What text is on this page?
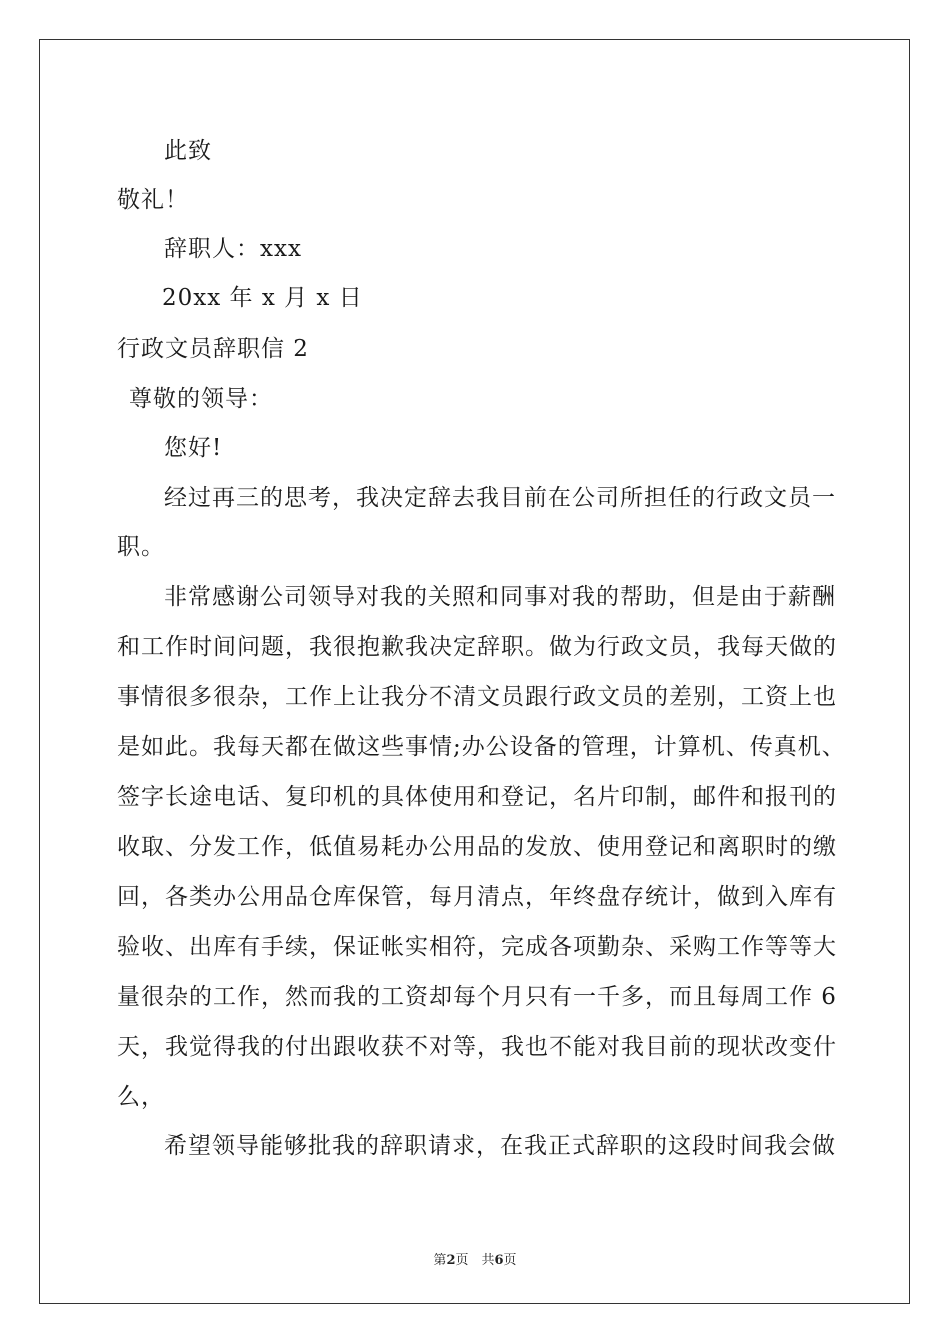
此致
敬礼！
辞职人：xxx
20xx 年 x 月 x 日
行政文员辞职信 2
尊敬的领导：
您好!
经过再三的思考，我决定辞去我目前在公司所担任的行政文员一
职。
非常感谢公司领导对我的关照和同事对我的帮助，但是由于薪酬
和工作时间问题，我很抱歉我决定辞职。做为行政文员，我每天做的
事情很多很杂，工作上让我分不清文员跟行政文员的差别，工资上也
是如此。我每天都在做这些事情;办公设备的管理，计算机、传真机、
签字长途电话、复印机的具体使用和登记，名片印制，邮件和报刊的
收取、分发工作，低值易耗办公用品的发放、使用登记和离职时的缴
回，各类办公用品仓库保管，每月清点，年终盘存统计，做到入库有
验收、出库有手续，保证帐实相符，完成各项勤杂、采购工作等等大
量很杂的工作，然而我的工资却每个月只有一千多，而且每周工作 6
天，我觉得我的付出跟收获不对等，我也不能对我目前的现状改变什
么，
希望领导能够批我的辞职请求，在我正式辞职的这段时间我会做
第2页　共6页
